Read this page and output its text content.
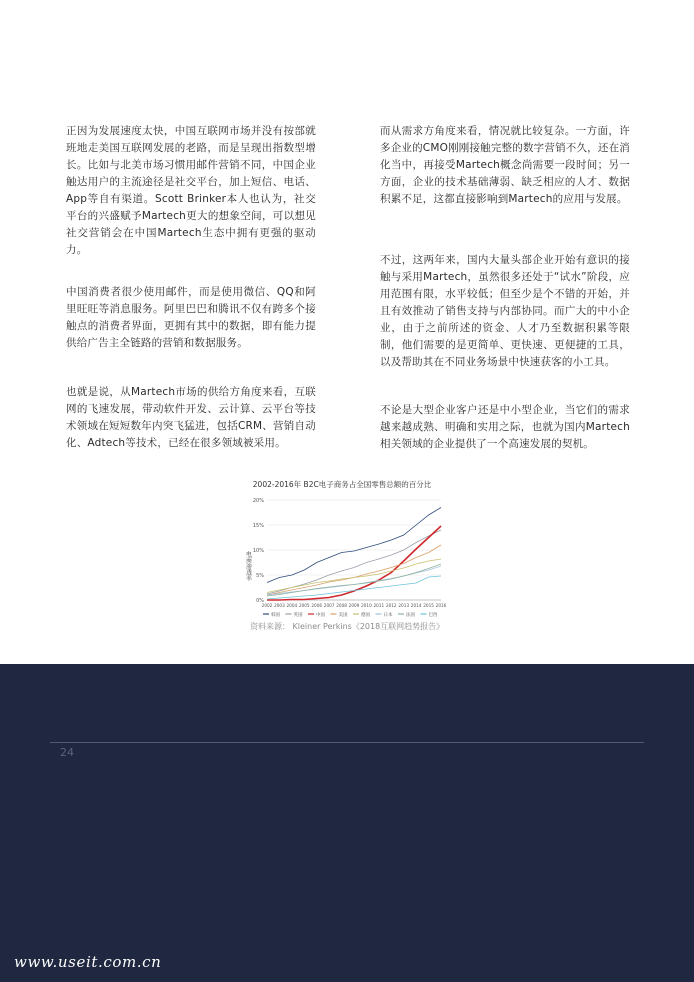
正因为发展速度太快，中国互联网市场并没有按部就班地走美国互联网发展的老路，而是呈现出指数型增长。比如与北美市场习惯用邮件营销不同，中国企业触达用户的主流途径是社交平台，加上短信、电话、App等自有渠道。Scott Brinker本人也认为，社交平台的兴盛赋予Martech更大的想象空间，可以想见社交营销会在中国Martech生态中拥有更强的驱动力。

中国消费者很少使用邮件，而是使用微信、QQ和阿里旺旺等消息服务。阿里巴巴和腾讯不仅有跨多个接触点的消费者界面，更拥有其中的数据，即有能力提供给广告主全链路的营销和数据服务。

也就是说，从Martech市场的供给方角度来看，互联网的飞速发展，带动软件开发、云计算、云平台等技术领域在短短数年内突飞猛进，包括CRM、营销自动化、Adtech等技术，已经在很多领域被采用。

而从需求方角度来看，情况就比较复杂。一方面，许多企业的CMO刚刚接触完整的数字营销不久，还在消化当中，再接受Martech概念尚需要一段时间；另一方面，企业的技术基础薄弱、缺乏相应的人才、数据积累不足，这都直接影响到Martech的应用与发展。

不过，这两年来，国内大量头部企业开始有意识的接触与采用Martech，虽然很多还处于“试水”阶段，应用范围有限，水平较低；但至少是个不错的开始，并且有效推动了销售支持与内部协同。而广大的中小企业，由于之前所述的资金、人才乃至数据积累等限制，他们需要的是更简单、更快速、更便捷的工具，以及帮助其在不同业务场景中快速获客的小工具。

不论是大型企业客户还是中小型企业，当它们的需求越来越成熟、明确和实用之际，也就为国内Martech相关领域的企业提供了一个高速发展的契机。

2002-2016年 B2C电子商务占全国零售总额的百分比
电商渗透率
0%
5%
10%
15%
20%
2002 2003 2004 2005 2006 2007 2008 2009 2010 2011 2012 2013 2014 2015 2016
韩国	英国	中国	美国	德国	日本	法国	巴西
资料来源： Kleiner Perkins《2018互联网趋势报告》
24
www.useit.com.cn
